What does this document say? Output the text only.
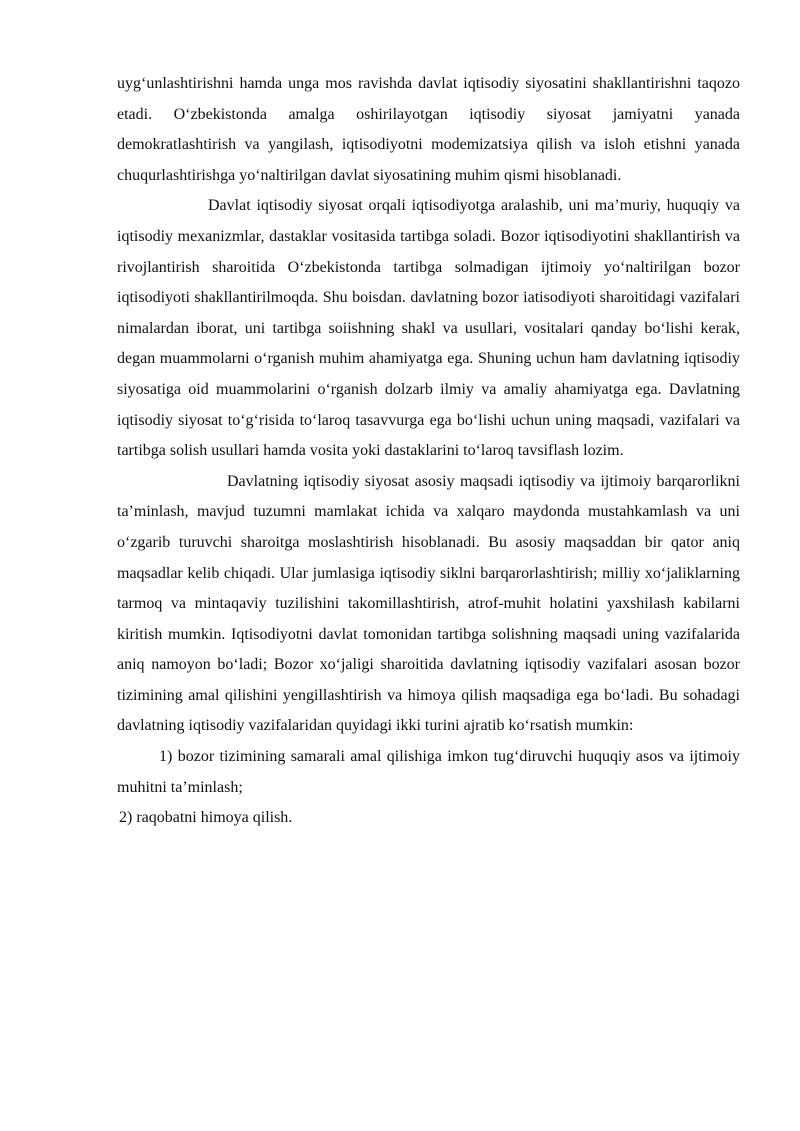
uygʻunlashtirishni hamda unga mos ravishda davlat iqtisodiy siyosatini shakllantirishni taqozo etadi. Oʻzbekistonda amalga oshirilayotgan iqtisodiy siyosat jamiyatni yanada demokratlashtirish va yangilash, iqtisodiyotni modemizatsiya qilish va isloh etishni yanada chuqurlashtirishga yoʻnaltirilgan davlat siyosatining muhim qismi hisoblanadi.

Davlat iqtisodiy siyosat orqali iqtisodiyotga aralashib, uni ma’muriy, huquqiy va iqtisodiy mexanizmlar, dastaklar vositasida tartibga soladi. Bozor iqtisodiyotini shakllantirish va rivojlantirish sharoitida Oʻzbekistonda tartibga solmadigan ijtimoiy yoʻnaltirilgan bozor iqtisodiyoti shakllantirilmoqda. Shu boisdan. davlatning bozor iatisodiyoti sharoitidagi vazifalari nimalardan iborat, uni tartibga soiishning shakl va usullari, vositalari qanday boʻlishi kerak, degan muammolarni oʻrganish muhim ahamiyatga ega. Shuning uchun ham davlatning iqtisodiy siyosatiga oid muammolarini oʻrganish dolzarb ilmiy va amaliy ahamiyatga ega. Davlatning iqtisodiy siyosat toʻgʻrisida toʻlaroq tasavvurga ega boʻlishi uchun uning maqsadi, vazifalari va tartibga solish usullari hamda vosita yoki dastaklarini toʻlaroq tavsiflash lozim.

Davlatning iqtisodiy siyosat asosiy maqsadi iqtisodiy va ijtimoiy barqarorlikni ta’minlash, mavjud tuzumni mamlakat ichida va xalqaro maydonda mustahkamlash va uni oʻzgarib turuvchi sharoitga moslashtirish hisoblanadi. Bu asosiy maqsaddan bir qator aniq maqsadlar kelib chiqadi. Ular jumlasiga iqtisodiy siklni barqarorlashtirish; milliy xoʻjaliklarning tarmoq va mintaqaviy tuzilishini takomillashtirish, atrof-muhit holatini yaxshilash kabilarni kiritish mumkin. Iqtisodiyotni davlat tomonidan tartibga solishning maqsadi uning vazifalarida aniq namoyon boʻladi; Bozor xoʻjaligi sharoitida davlatning iqtisodiy vazifalari asosan bozor tizimining amal qilishini yengillashtirish va himoya qilish maqsadiga ega boʻladi. Bu sohadagi davlatning iqtisodiy vazifalaridan quyidagi ikki turini ajratib koʻrsatish mumkin:

1) bozor tizimining samarali amal qilishiga imkon tugʻdiruvchi huquqiy asos va ijtimoiy muhitni ta’minlash;

2) raqobatni himoya qilish.
